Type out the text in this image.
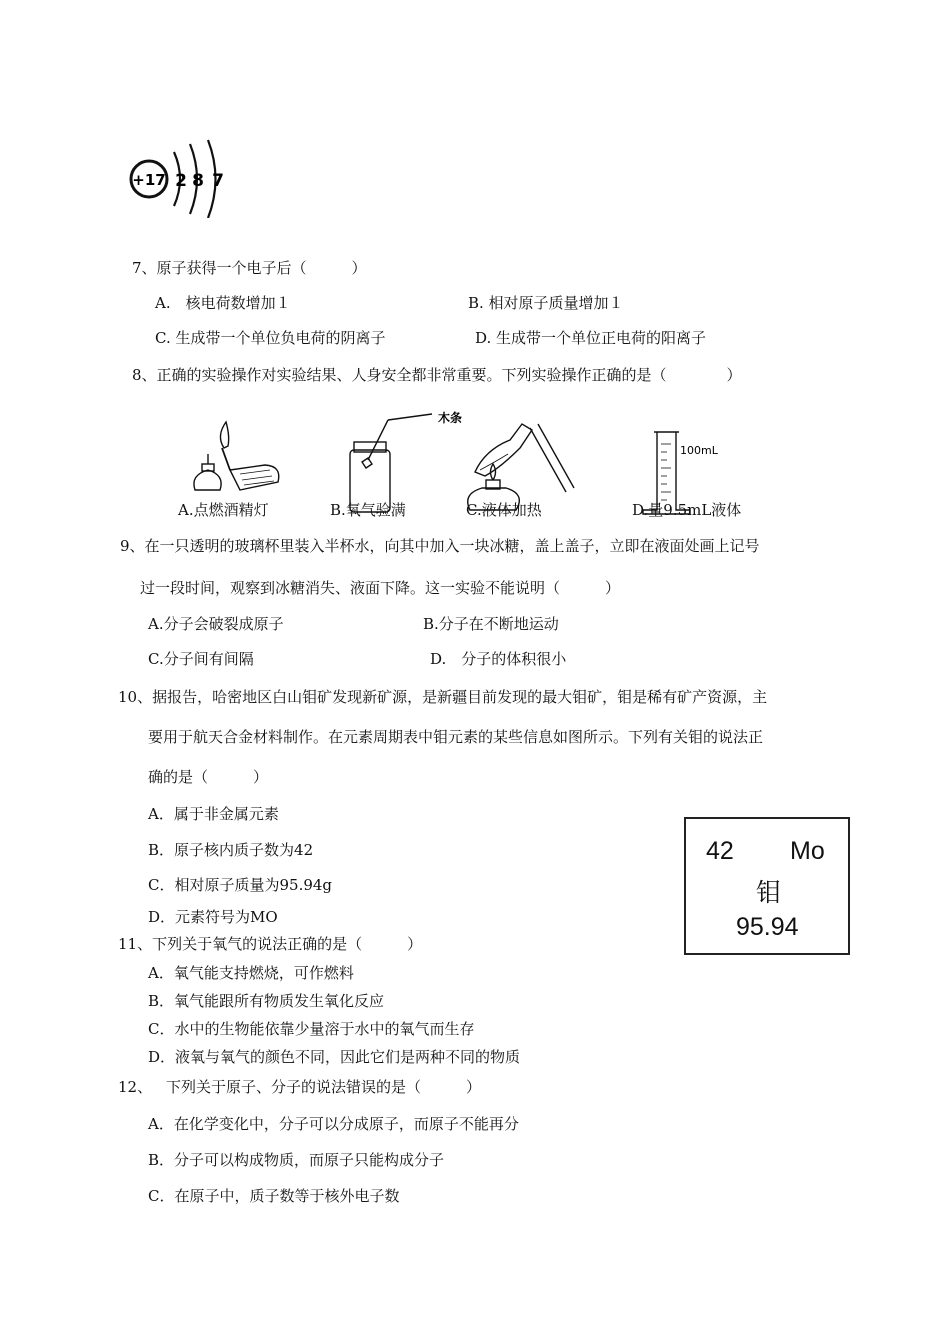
+17 2 8 7
7、原子获得一个电子后（　　　）
A.　核电荷数增加１	B. 相对原子质量增加１
C. 生成带一个单位负电荷的阴离子	D. 生成带一个单位正电荷的阳离子
8、正确的实验操作对实验结果、人身安全都非常重要。下列实验操作正确的是（　　　　）
木条
100mL
A.点燃酒精灯	B.氧气验满	C.液体加热	D.量9.5mL液体
9、在一只透明的玻璃杯里装入半杯水，向其中加入一块冰糖，盖上盖子，立即在液面处画上记号
过一段时间，观察到冰糖消失、液面下降。这一实验不能说明（　　　）
A.分子会破裂成原子	B.分子在不断地运动
C.分子间有间隔	D.　分子的体积很小
10、据报告，哈密地区白山钼矿发现新矿源，是新疆目前发现的最大钼矿，钼是稀有矿产资源，主
要用于航天合金材料制作。在元素周期表中钼元素的某些信息如图所示。下列有关钼的说法正
确的是（　　　）
A．属于非金属元素
B．原子核内质子数为42
C．相对原子质量为95.94g
D．元素符号为MO
42 Mo
钼
95.94
11、下列关于氧气的说法正确的是（　　　）
A．氧气能支持燃烧，可作燃料
B．氧气能跟所有物质发生氧化反应
C．水中的生物能依靠少量溶于水中的氧气而生存
D．液氧与氧气的颜色不同，因此它们是两种不同的物质
12、 下列关于原子、分子的说法错误的是（　　　）
A．在化学变化中，分子可以分成原子，而原子不能再分
B．分子可以构成物质，而原子只能构成分子
C．在原子中，质子数等于核外电子数
